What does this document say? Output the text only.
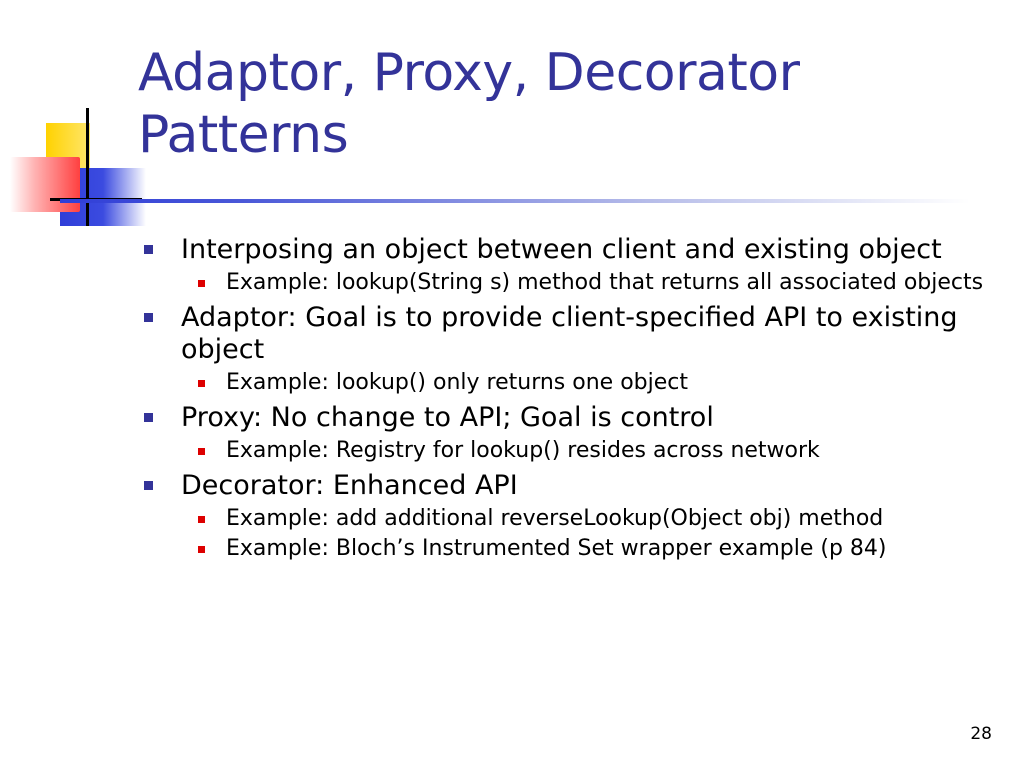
Adaptor, Proxy, Decorator Patterns
Interposing an object between client and existing object
Example: lookup(String s) method that returns all associated objects
Adaptor: Goal is to provide client-specified API to existing object
Example: lookup() only returns one object
Proxy: No change to API; Goal is control
Example: Registry for lookup() resides across network
Decorator: Enhanced API
Example: add additional reverseLookup(Object obj) method
Example: Bloch’s Instrumented Set wrapper example (p 84)
28
